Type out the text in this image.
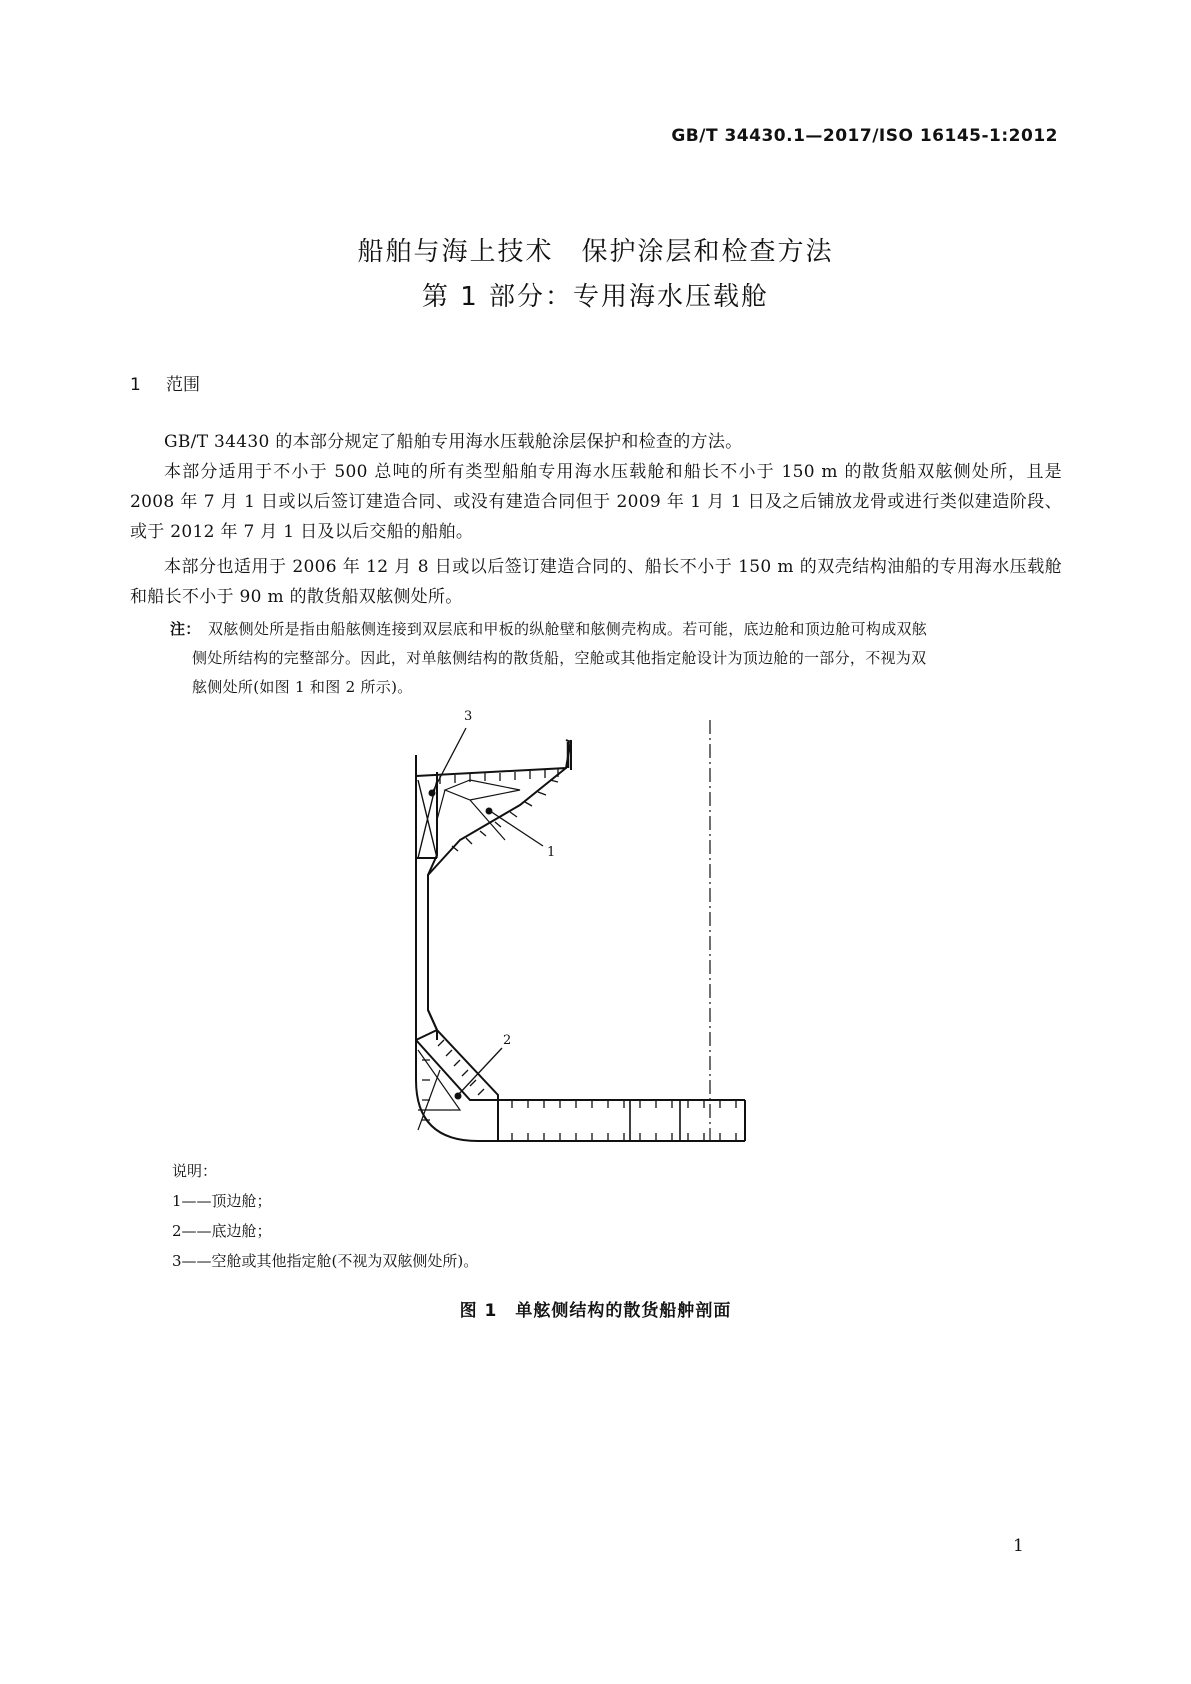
GB/T 34430.1—2017/ISO 16145-1:2012
船舶与海上技术　保护涂层和检查方法
第 1 部分：专用海水压载舱
1 范围
GB/T 34430 的本部分规定了船舶专用海水压载舱涂层保护和检查的方法。
本部分适用于不小于 500 总吨的所有类型船舶专用海水压载舱和船长不小于 150 m 的散货船双舷侧处所，且是 2008 年 7 月 1 日或以后签订建造合同、或没有建造合同但于 2009 年 1 月 1 日及之后铺放龙骨或进行类似建造阶段、或于 2012 年 7 月 1 日及以后交船的船舶。
本部分也适用于 2006 年 12 月 8 日或以后签订建造合同的、船长不小于 150 m 的双壳结构油船的专用海水压载舱和船长不小于 90 m 的散货船双舷侧处所。
注： 双舷侧处所是指由船舷侧连接到双层底和甲板的纵舱壁和舷侧壳构成。若可能，底边舱和顶边舱可构成双舷
侧处所结构的完整部分。因此，对单舷侧结构的散货船，空舱或其他指定舱设计为顶边舱的一部分，不视为双
舷侧处所(如图 1 和图 2 所示)。
1
2
3
说明：
1——顶边舱；
2——底边舱；
3——空舱或其他指定舱(不视为双舷侧处所)。
图 1　单舷侧结构的散货船舯剖面
1
